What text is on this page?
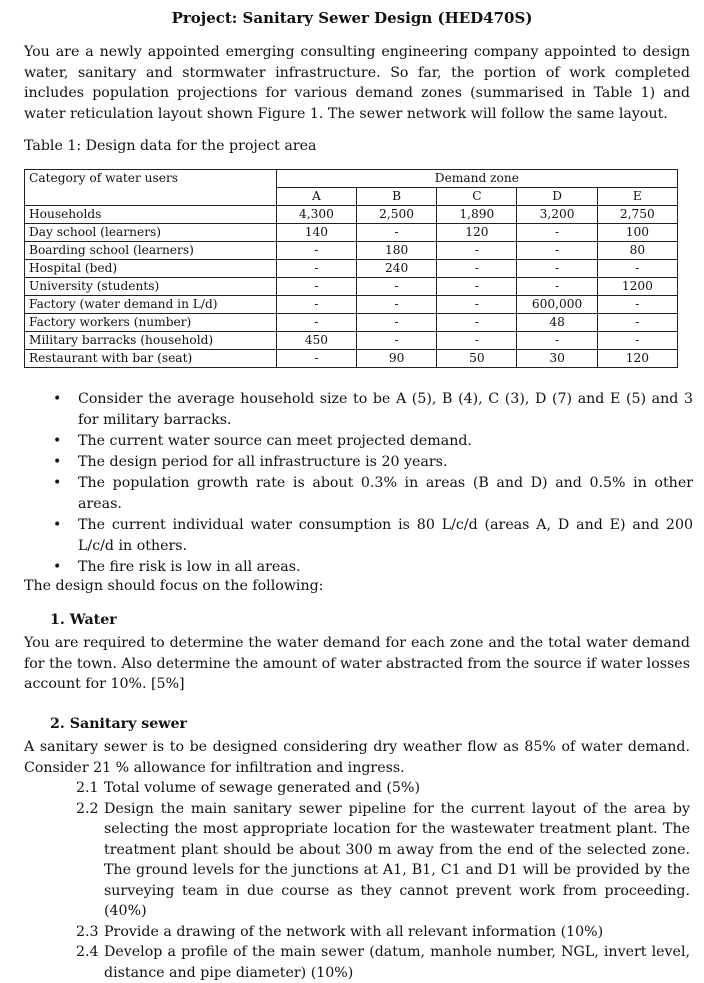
Project: Sanitary Sewer Design (HED470S)
You are a newly appointed emerging consulting engineering company appointed to design water, sanitary and stormwater infrastructure. So far, the portion of work completed includes population projections for various demand zones (summarised in Table 1) and water reticulation layout shown Figure 1. The sewer network will follow the same layout.
Table 1: Design data for the project area
Category of water users	Demand zone				
	A	B	C	D	E
Households	4,300	2,500	1,890	3,200	2,750
Day school (learners)	140	-	120	-	100
Boarding school (learners)	-	180	-	-	80
Hospital (bed)	-	240	-	-	-
University (students)	-	-	-	-	1200
Factory (water demand in L/d)	-	-	-	600,000	-
Factory workers (number)	-	-	-	48	-
Military barracks (household)	450	-	-	-	-
Restaurant with bar (seat)	-	90	50	30	120
• Consider the average household size to be A (5), B (4), C (3), D (7) and E (5) and 3 for military barracks.
• The current water source can meet projected demand.
• The design period for all infrastructure is 20 years.
• The population growth rate is about 0.3% in areas (B and D) and 0.5% in other areas.
• The current individual water consumption is 80 L/c/d (areas A, D and E) and 200 L/c/d in others.
• The fire risk is low in all areas.
The design should focus on the following:
1. Water
You are required to determine the water demand for each zone and the total water demand for the town. Also determine the amount of water abstracted from the source if water losses account for 10%. [5%]
2. Sanitary sewer
A sanitary sewer is to be designed considering dry weather flow as 85% of water demand. Consider 21 % allowance for infiltration and ingress.
2.1 Total volume of sewage generated and (5%)
2.2 Design the main sanitary sewer pipeline for the current layout of the area by selecting the most appropriate location for the wastewater treatment plant. The treatment plant should be about 300 m away from the end of the selected zone. The ground levels for the junctions at A1, B1, C1 and D1 will be provided by the surveying team in due course as they cannot prevent work from proceeding. (40%)
2.3 Provide a drawing of the network with all relevant information (10%)
2.4 Develop a profile of the main sewer (datum, manhole number, NGL, invert level, distance and pipe diameter) (10%)
